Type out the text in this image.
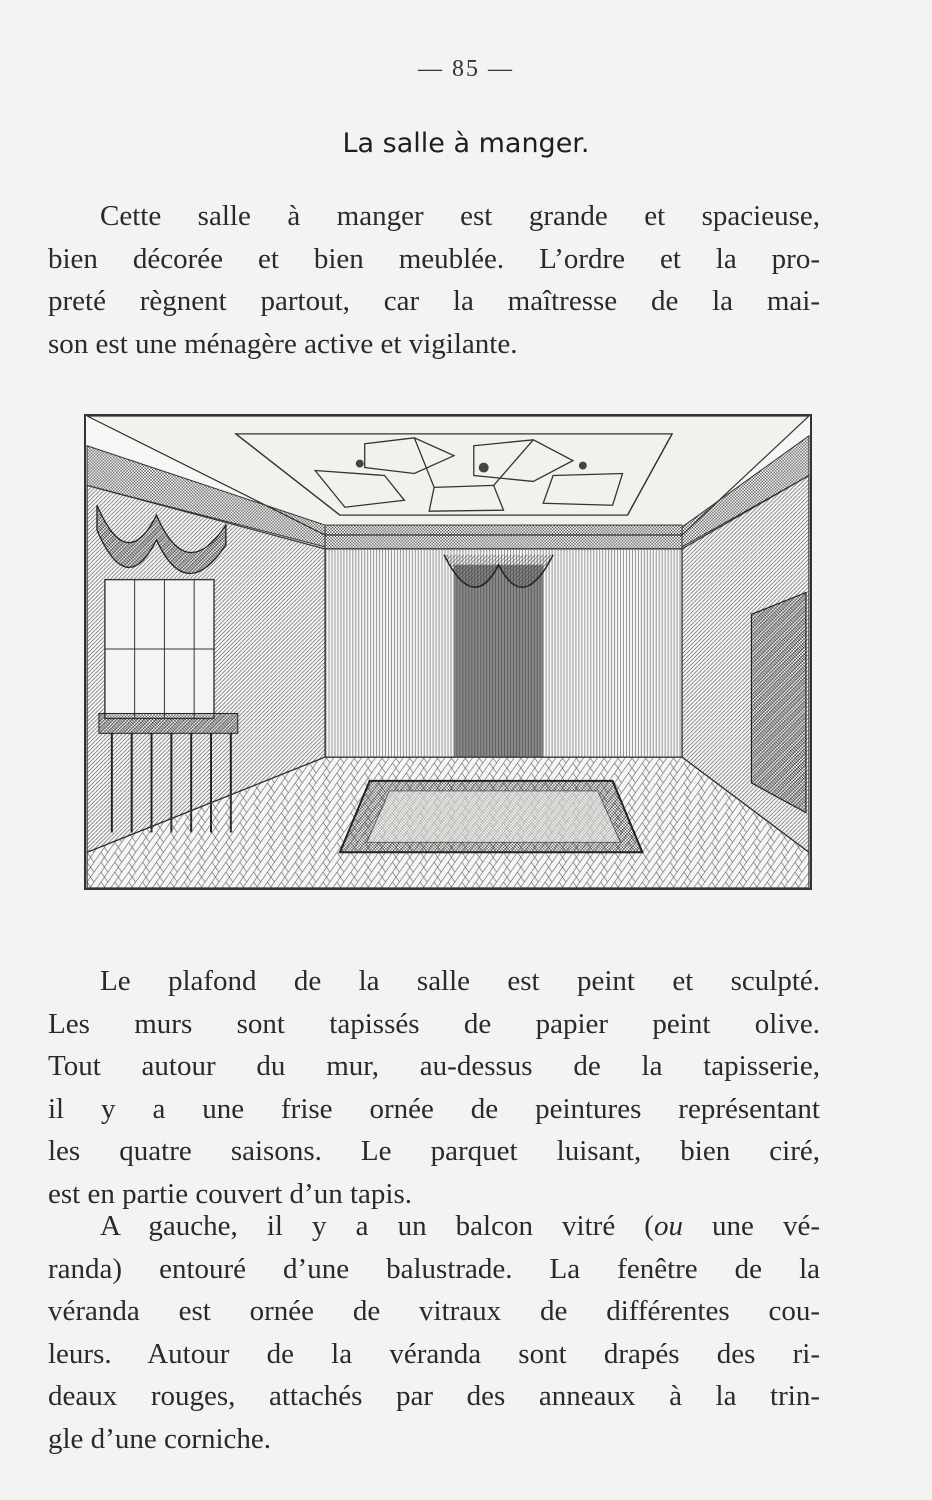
— 85 —
La salle à manger.
Cette salle à manger est grande et spacieuse,
bien décorée et bien meublée. L’ordre et la pro-
preté règnent partout, car la maîtresse de la mai-
son est une ménagère active et vigilante.
Le plafond de la salle est peint et sculpté.
Les murs sont tapissés de papier peint olive.
Tout autour du mur, au-dessus de la tapisserie,
il y a une frise ornée de peintures représentant
les quatre saisons. Le parquet luisant, bien ciré,
est en partie couvert d’un tapis.
A gauche, il y a un balcon vitré (ou une vé-
randa) entouré d’une balustrade. La fenêtre de la
véranda est ornée de vitraux de différentes cou-
leurs. Autour de la véranda sont drapés des ri-
deaux rouges, attachés par des anneaux à la trin-
gle d’une corniche.
